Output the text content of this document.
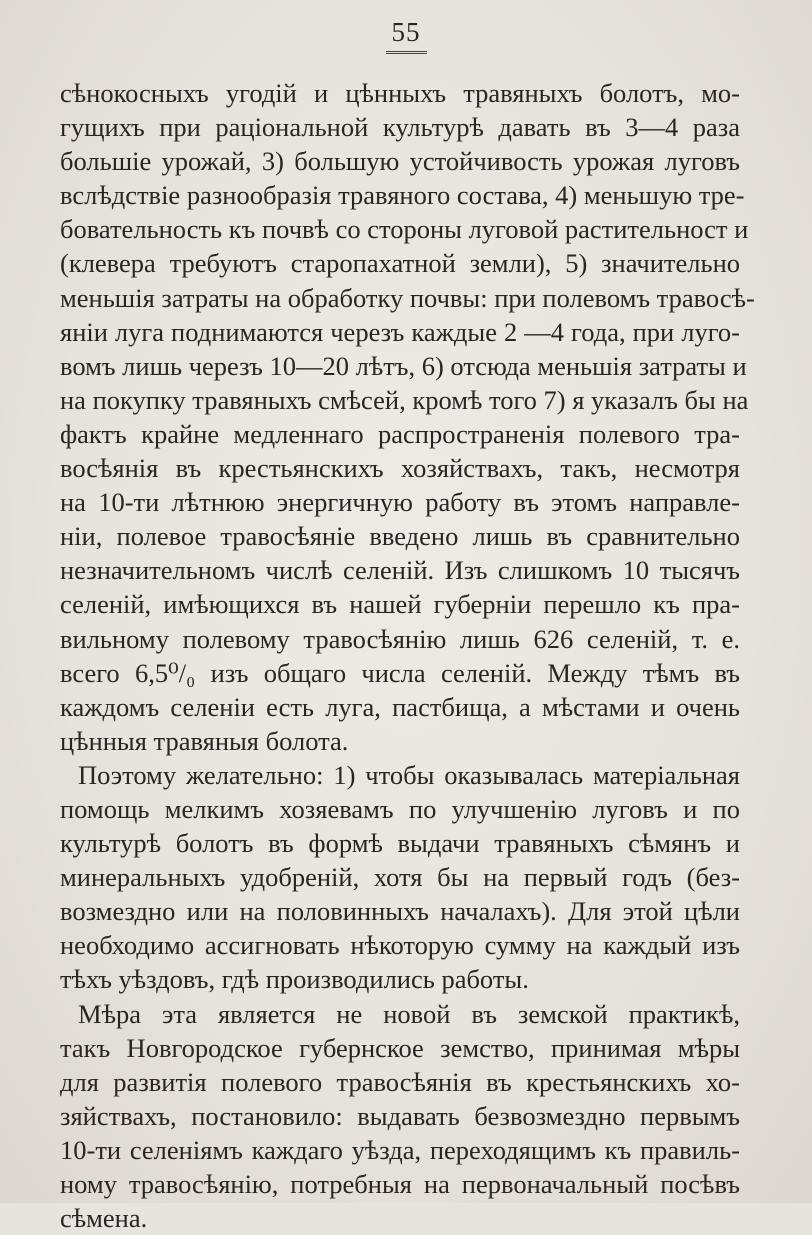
55
сѣнокосныхъ угодій и цѣнныхъ травяныхъ болотъ, мо-
гущихъ при раціональной культурѣ давать въ 3—4 раза
большіе урожай, 3) большую устойчивость урожая луговъ
вслѣдствіе разнообразія травяного состава, 4) меньшую тре-
бовательность къ почвѣ со стороны луговой растительност и
(клевера требуютъ старопахатной земли), 5) значительно
меньшія затраты на обработку почвы: при полевомъ травосѣ-
яніи луга поднимаются черезъ каждые 2 —4 года, при луго-
вомъ лишь черезъ 10—20 лѣтъ, 6) отсюда меньшія затраты и
на покупку травяныхъ смѣсей, кромѣ того 7) я указалъ бы на
фактъ крайне медленнаго распространенія полевого тра-
восѣянія въ крестьянскихъ хозяйствахъ, такъ, несмотря
на 10-ти лѣтнюю энергичную работу въ этомъ направле-
ніи, полевое травосѣяніе введено лишь въ сравнительно
незначительномъ числѣ селеній. Изъ слишкомъ 10 тысячъ
селеній, имѣющихся въ нашей губерніи перешло къ пра-
вильному полевому травосѣянію лишь 626 селеній, т. е.
всего 6,5⁰/₀ изъ общаго числа селеній. Между тѣмъ въ
каждомъ селеніи есть луга, пастбища, а мѣстами и очень
цѣнныя травяныя болота.
Поэтому желательно: 1) чтобы оказывалась матеріальная
помощь мелкимъ хозяевамъ по улучшенію луговъ и по
культурѣ болотъ въ формѣ выдачи травяныхъ сѣмянъ и
минеральныхъ удобреній, хотя бы на первый годъ (без-
возмездно или на половинныхъ началахъ). Для этой цѣли
необходимо ассигновать нѣкоторую сумму на каждый изъ
тѣхъ уѣздовъ, гдѣ производились работы.
Мѣра эта является не новой въ земской практикѣ,
такъ Новгородское губернское земство, принимая мѣры
для развитія полевого травосѣянія въ крестьянскихъ хо-
зяйствахъ, постановило: выдавать безвозмездно первымъ
10-ти селеніямъ каждаго уѣзда, переходящимъ къ правиль-
ному травосѣянію, потребныя на первоначальный посѣвъ
сѣмена.
